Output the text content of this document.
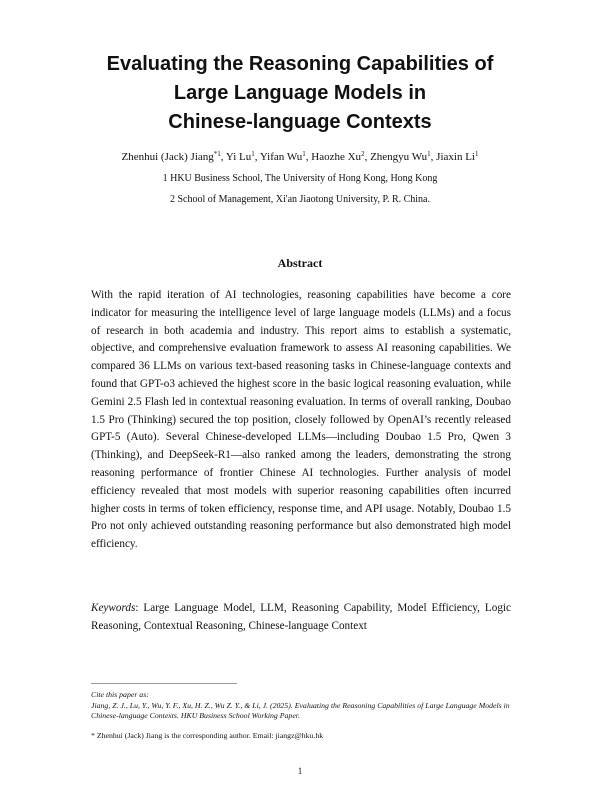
Evaluating the Reasoning Capabilities of
Large Language Models in
Chinese-language Contexts
Zhenhui (Jack) Jiang$^{*1}$, Yi Lu$^1$, Yifan Wu$^1$, Haozhe Xu$^2$, Zhengyu Wu$^1$, Jiaxin Li$^1$
1 HKU Business School, The University of Hong Kong, Hong Kong
2 School of Management, Xi'an Jiaotong University, P. R. China.
Abstract

With the rapid iteration of AI technologies, reasoning capabilities have become a core indicator for measuring the intelligence level of large language models (LLMs) and a focus of research in both academia and industry. This report aims to establish a systematic, objective, and comprehensive evaluation framework to assess AI reasoning capabilities. We compared 36 LLMs on various text-based reasoning tasks in Chinese-language contexts and found that GPT-o3 achieved the highest score in the basic logical reasoning evaluation, while Gemini 2.5 Flash led in contextual reasoning evaluation. In terms of overall ranking, Doubao 1.5 Pro (Thinking) secured the top position, closely followed by OpenAI’s recently released GPT-5 (Auto). Several Chinese-developed LLMs—including Doubao 1.5 Pro, Qwen 3 (Thinking), and DeepSeek-R1—also ranked among the leaders, demonstrating the strong reasoning performance of frontier Chinese AI technologies. Further analysis of model efficiency revealed that most models with superior reasoning capabilities often incurred higher costs in terms of token efficiency, response time, and API usage. Notably, Doubao 1.5 Pro not only achieved outstanding reasoning performance but also demonstrated high model efficiency.

Keywords: Large Language Model, LLM, Reasoning Capability, Model Efficiency, Logic Reasoning, Contextual Reasoning, Chinese-language Context

Cite this paper as:
Jiang, Z. J., Lu, Y., Wu, Y. F., Xu, H. Z., Wu Z. Y., & Li, J. (2025). Evaluating the Reasoning Capabilities of Large Language Models in Chinese-language Contexts. HKU Business School Working Paper.
* Zhenhui (Jack) Jiang is the corresponding author. Email: jiangz@hku.hk
1
